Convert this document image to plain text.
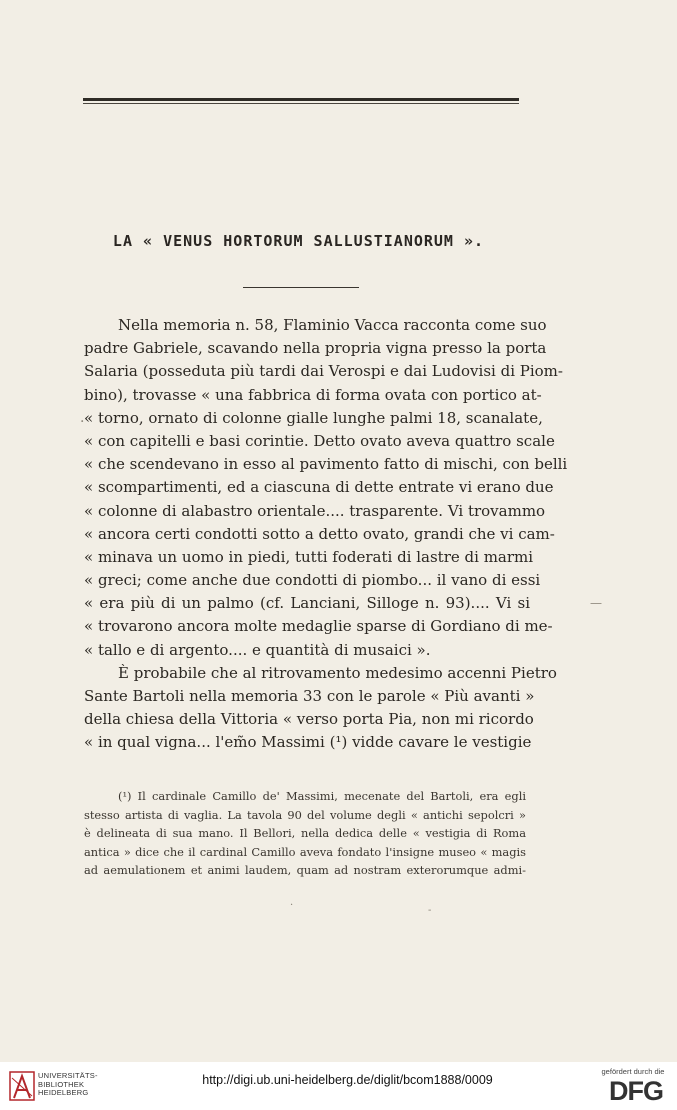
LA « VENUS HORTORUM SALLUSTIANORUM ».
Nella memoria n. 58, Flaminio Vacca racconta come suo
padre Gabriele, scavando nella propria vigna presso la porta
Salaria (posseduta più tardi dai Verospi e dai Ludovisi di Piom-
bino), trovasse « una fabbrica di forma ovata con portico at-
« torno, ornato di colonne gialle lunghe palmi 18, scanalate,
« con capitelli e basi corintie. Detto ovato aveva quattro scale
« che scendevano in esso al pavimento fatto di mischi, con belli
« scompartimenti, ed a ciascuna di dette entrate vi erano due
« colonne di alabastro orientale.... trasparente. Vi trovammo
« ancora certi condotti sotto a detto ovato, grandi che vi cam-
« minava un uomo in piedi, tutti foderati di lastre di marmi
« greci; come anche due condotti di piombo... il vano di essi
« era più di un palmo (cf. Lanciani, Silloge n. 93).... Vi si
« trovarono ancora molte medaglie sparse di Gordiano di me-
« tallo e di argento.... e quantità di musaici ».
È probabile che al ritrovamento medesimo accenni Pietro
Sante Bartoli nella memoria 33 con le parole « Più avanti »
della chiesa della Vittoria « verso porta Pia, non mi ricordo
« in qual vigna... l'em̃o Massimi (¹) vidde cavare le vestigie
(¹) Il cardinale Camillo de' Massimi, mecenate del Bartoli, era egli
stesso artista di vaglia. La tavola 90 del volume degli « antichi sepolcri »
è delineata di sua mano. Il Bellori, nella dedica delle « vestigia di Roma
antica » dice che il cardinal Camillo aveva fondato l'insigne museo « magis
ad aemulationem et animi laudem, quam ad nostram exterorumque admi-
·
—
·	-
UNIVERSITÄTS-
BIBLIOTHEK
HEIDELBERG
http://digi.ub.uni-heidelberg.de/diglit/bcom1888/0009
gefördert durch die
DFG
